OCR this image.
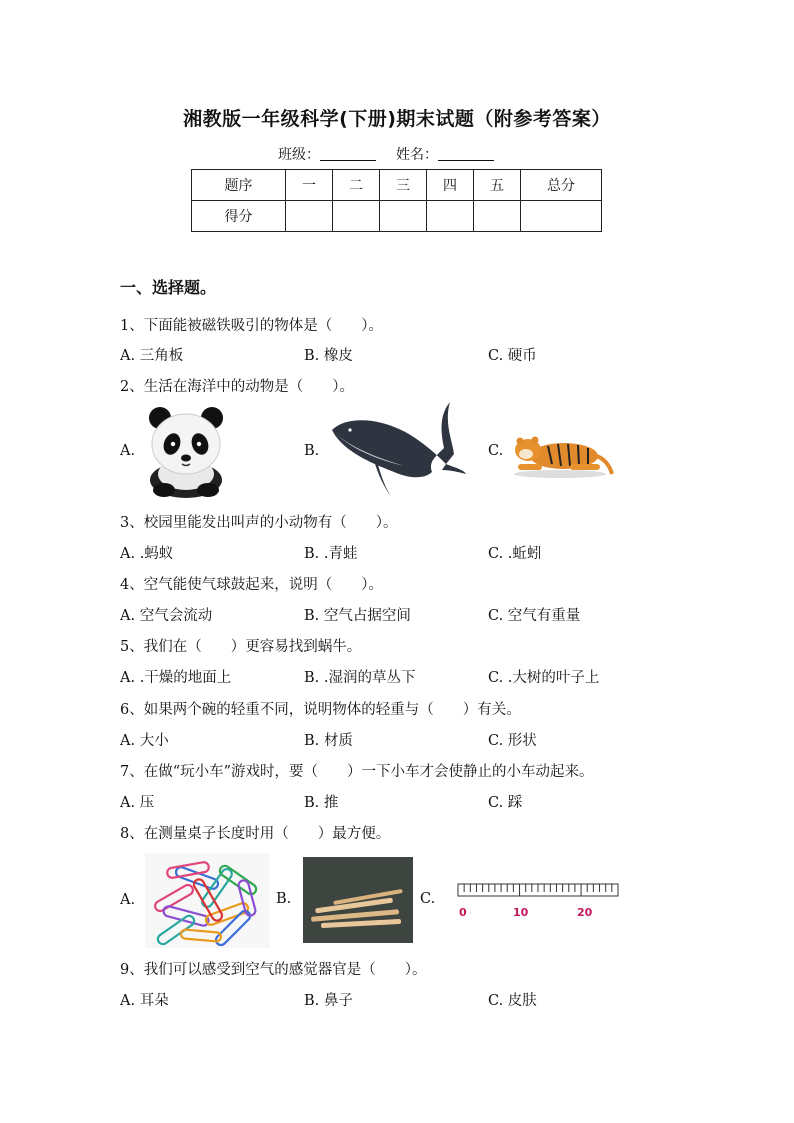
湘教版一年级科学(下册)期末试题（附参考答案）
班级：	姓名：
题序	一	二	三	四	五	总分
得分						
一、选择题。
1、下面能被磁铁吸引的物体是（　　）。
A. 三角板	B. 橡皮	C. 硬币
2、生活在海洋中的动物是（　　）。
A.	B.	C.
3、校园里能发出叫声的小动物有（　　）。
A. .蚂蚁	B. .青蛙	C. .蚯蚓
4、空气能使气球鼓起来，说明（　　）。
A. 空气会流动	B. 空气占据空间	C. 空气有重量
5、我们在（　　）更容易找到蜗牛。
A. .干燥的地面上	B. .湿润的草丛下	C. .大树的叶子上
6、如果两个碗的轻重不同，说明物体的轻重与（　　）有关。
A. 大小	B. 材质	C. 形状
7、在做“玩小车”游戏时，要（　　）一下小车才会使静止的小车动起来。
A. 压	B. 推	C. 踩
8、在测量桌子长度时用（　　）最方便。
A.	B.	C.
0	10	20
9、我们可以感受到空气的感觉器官是（　　）。
A. 耳朵	B. 鼻子	C. 皮肤
